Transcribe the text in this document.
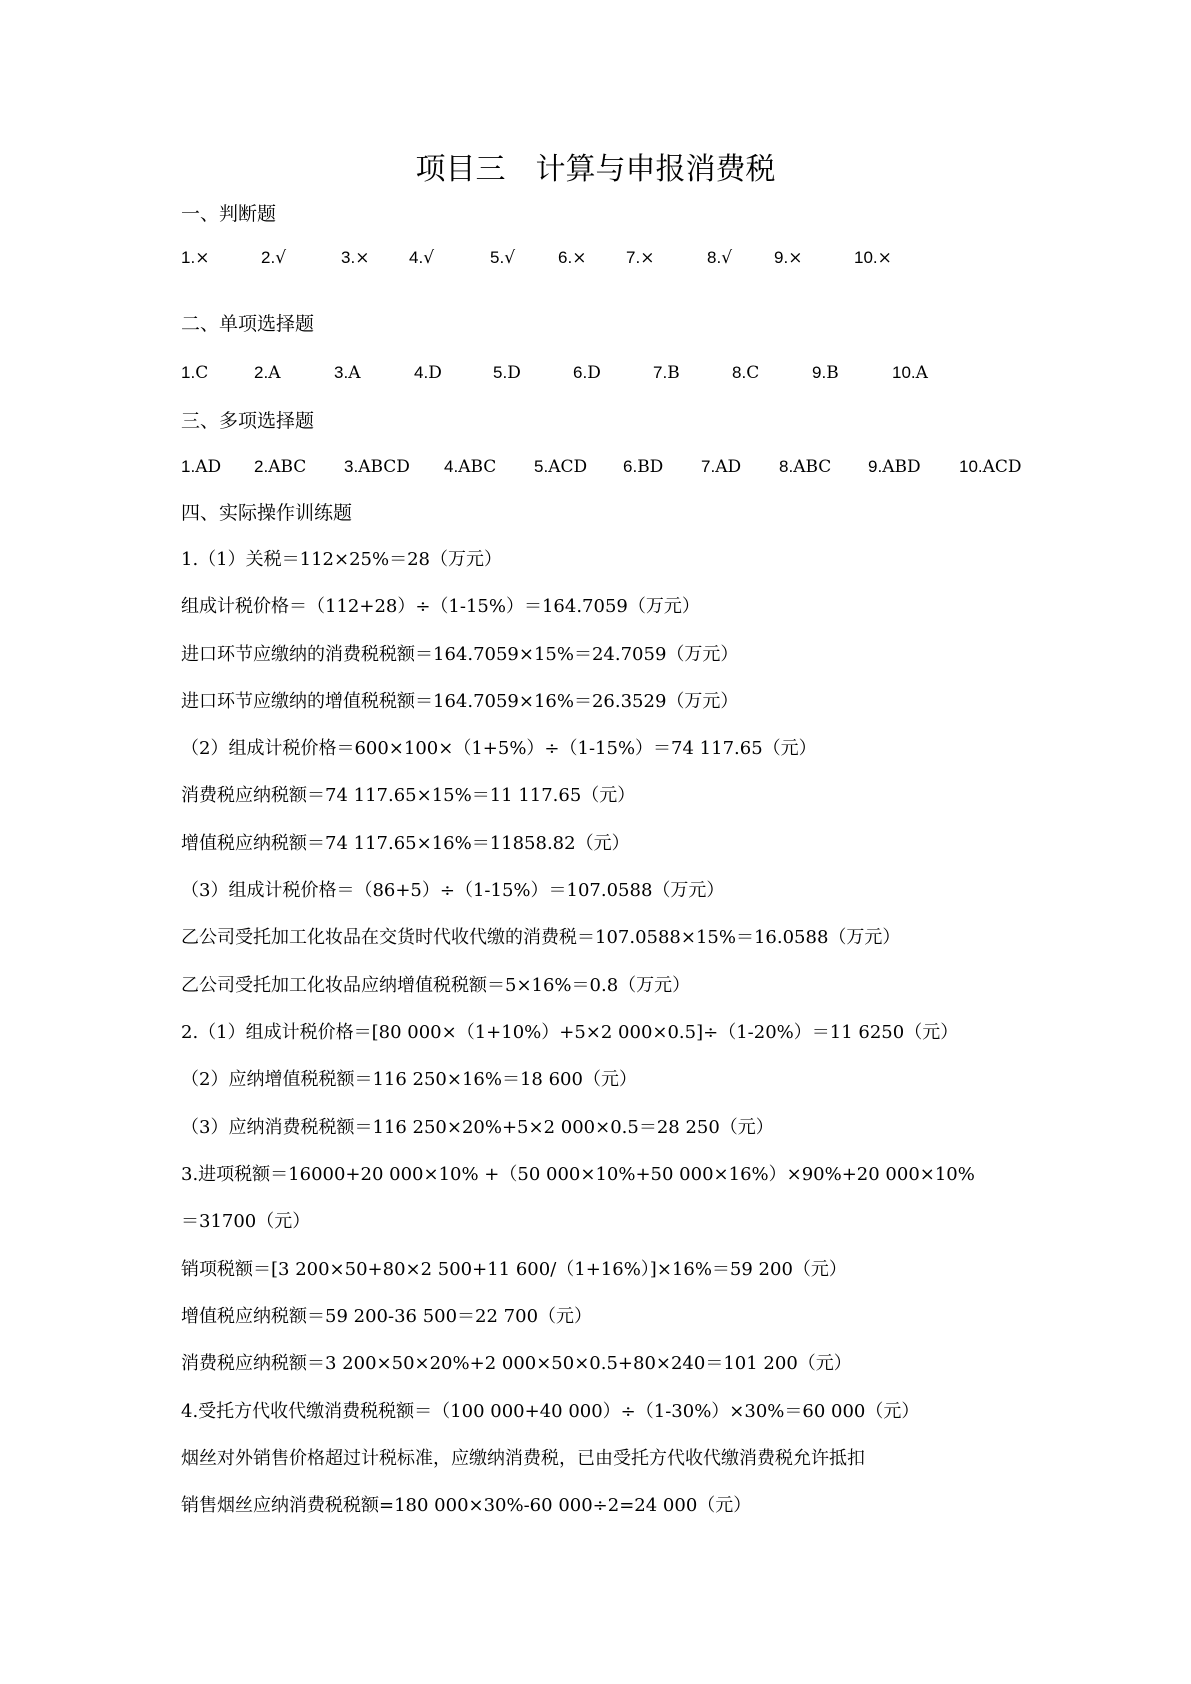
项目三　计算与申报消费税
一、判断题
1.×	2.√	3.× 4.√	5.√	6.× 7.×	8.√ 9.×	10.×
二、单项选择题
1.C	2.A	3.A	4.D	5.D	6.D	7.B	8.C	9.B	10.A
三、多项选择题
1.AD 2.ABC 3.ABCD 4.ABC 5.ACD 6.BD 7.AD 8.ABC 9.ABD 10.ACD
四、实际操作训练题
1.（1）关税＝112×25%＝28（万元）
组成计税价格＝（112+28）÷（1-15%）＝164.7059（万元）
进口环节应缴纳的消费税税额＝164.7059×15%＝24.7059（万元）
进口环节应缴纳的增值税税额＝164.7059×16%＝26.3529（万元）
（2）组成计税价格＝600×100×（1+5%）÷（1-15%）＝74 117.65（元）
消费税应纳税额＝74 117.65×15%＝11 117.65（元）
增值税应纳税额＝74 117.65×16%＝11858.82（元）
（3）组成计税价格＝（86+5）÷（1-15%）＝107.0588（万元）
乙公司受托加工化妆品在交货时代收代缴的消费税＝107.0588×15%＝16.0588（万元）
乙公司受托加工化妆品应纳增值税税额＝5×16%＝0.8（万元）
2.（1）组成计税价格＝[80 000×（1+10%）+5×2 000×0.5]÷（1-20%）＝11 6250（元）
（2）应纳增值税税额＝116 250×16%＝18 600（元）
（3）应纳消费税税额＝116 250×20%+5×2 000×0.5＝28 250（元）
3.进项税额＝16000+20 000×10% +（50 000×10%+50 000×16%）×90%+20 000×10%
＝31700（元）
销项税额＝[3 200×50+80×2 500+11 600/（1+16%）]×16%＝59 200（元）
增值税应纳税额＝59 200-36 500＝22 700（元）
消费税应纳税额＝3 200×50×20%+2 000×50×0.5+80×240＝101 200（元）
4.受托方代收代缴消费税税额＝（100 000+40 000）÷（1-30%）×30%＝60 000（元）
烟丝对外销售价格超过计税标准，应缴纳消费税，已由受托方代收代缴消费税允许抵扣
销售烟丝应纳消费税税额=180 000×30%-60 000÷2=24 000（元）
